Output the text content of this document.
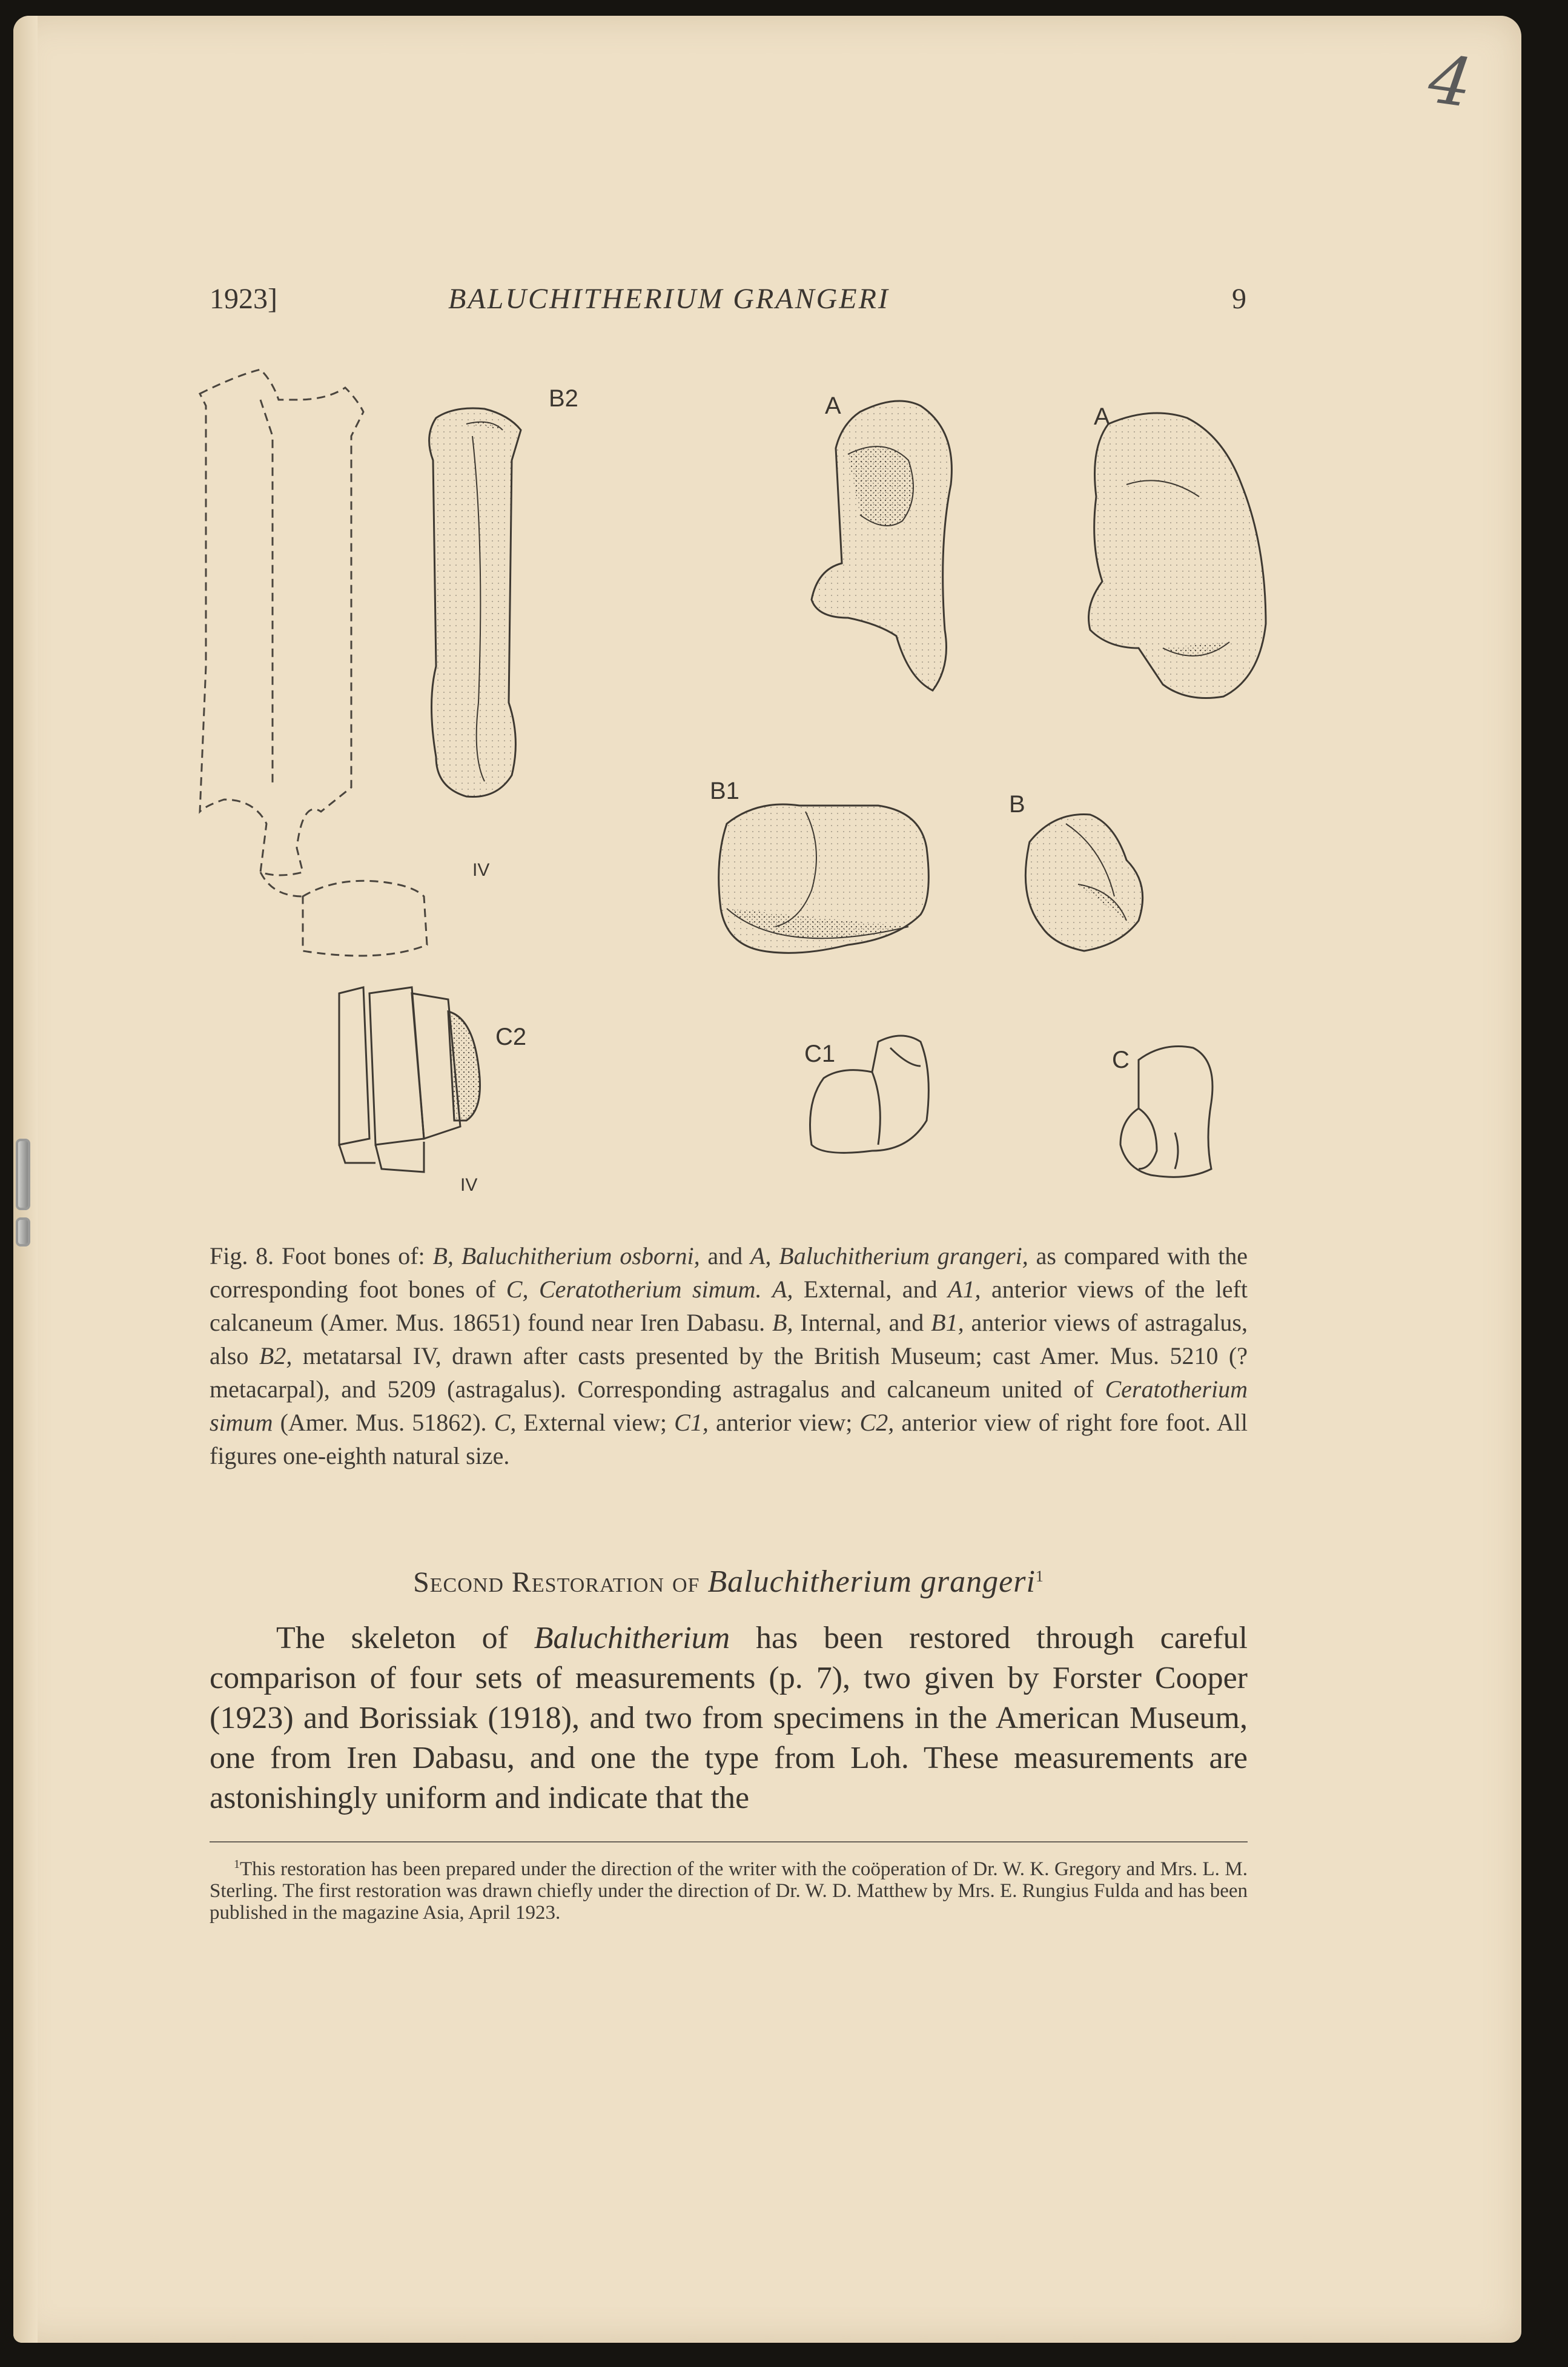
4
1923]	BALUCHITHERIUM GRANGERI	9
B2	A	A
B1	B
IV
C2
C1	C
IV
Fig. 8. Foot bones of: B, Baluchitherium osborni, and A, Baluchitherium grangeri, as compared with the corresponding foot bones of C, Ceratotherium simum. A, External, and A1, anterior views of the left calcaneum (Amer. Mus. 18651) found near Iren Dabasu. B, Internal, and B1, anterior views of astragalus, also B2, metatarsal IV, drawn after casts presented by the British Museum; cast Amer. Mus. 5210 (?metacarpal), and 5209 (astragalus). Corresponding astragalus and calcaneum united of Ceratotherium simum (Amer. Mus. 51862). C, External view; C1, anterior view; C2, anterior view of right fore foot. All figures one-eighth natural size.
Second Restoration of Baluchitherium grangeri$^1$
The skeleton of Baluchitherium has been restored through careful comparison of four sets of measurements (p. 7), two given by Forster Cooper (1923) and Borissiak (1918), and two from specimens in the American Museum, one from Iren Dabasu, and one the type from Loh. These measurements are astonishingly uniform and indicate that the
$^1$This restoration has been prepared under the direction of the writer with the coöperation of Dr. W. K. Gregory and Mrs. L. M. Sterling. The first restoration was drawn chiefly under the direction of Dr. W. D. Matthew by Mrs. E. Rungius Fulda and has been published in the magazine Asia, April 1923.
